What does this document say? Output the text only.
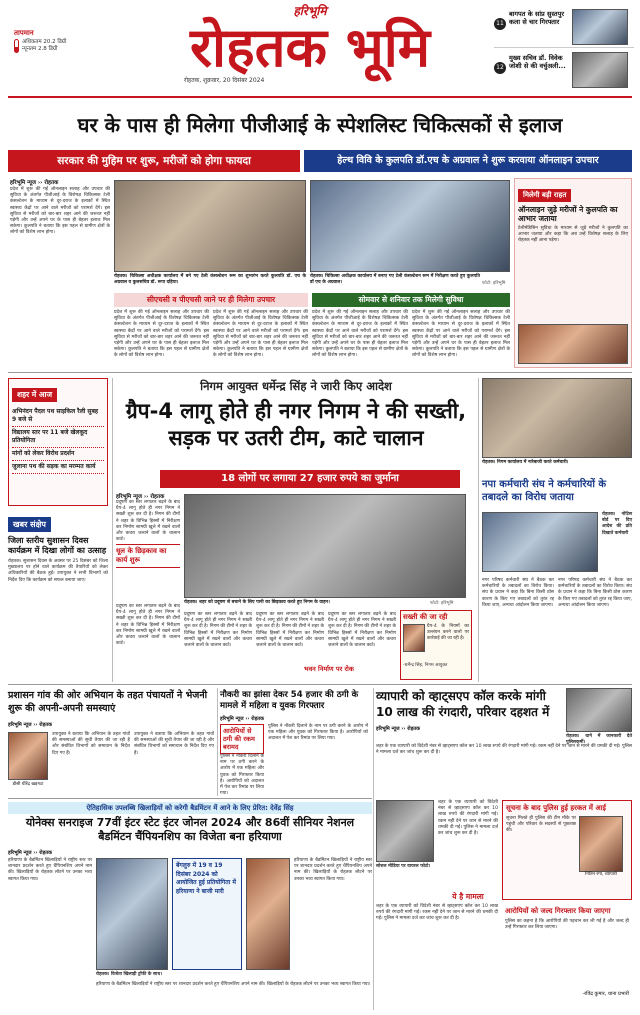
तापमान
अधिकतम 20.2 डिग्री
न्यूनतम 2.8 डिग्री
हरिभूमि
रोहतक भूमि
रोहतक, शुक्रवार, 20 दिसंबर 2024
11
बागपत के सांप्र सुस्तपुर कला से चार गिरफ्तार
12
मुख्य सचिव डॉ. विवेक जोशी से की वर्चुअली...
घर के पास ही मिलेगा पीजीआई के स्पेशलिस्ट चिकित्सकों से इलाज
सरकार की मुहिम पर शुरू, मरीजों को होगा फायदा	हेल्थ विवि के कुलपति डॉ.एच के अग्रवाल ने शुरू करवाया ऑनलाइन उपचार
हरिभूमि न्यूज ›› रोहतक
प्रदेश में शुरू की गई ऑनलाइन सलाह और उपचार की सुविधा के अंतर्गत पीजीआई के विशेषज्ञ चिकित्सक टेली कंसल्टेशन के माध्यम से दूर-दराज के इलाकों में स्थित स्वास्थ्य केंद्रों पर आने वाले मरीजों को परामर्श देंगे। इस सुविधा से मरीजों को बार-बार शहर आने की जरूरत नहीं पड़ेगी और उन्हें अपने घर के पास ही बेहतर इलाज मिल सकेगा। कुलपति ने बताया कि इस पहल से ग्रामीण क्षेत्रों के लोगों को विशेष लाभ होगा।
रोहतक। चिकित्सा अधीक्षक कार्यालय में बने गए टेली कंसल्टेशन रूम का शुभारंभ करते कुलपति डॉ. एच के अग्रवाल व कुलसचिव डॉ. रूपा दहिया।
रोहतक। चिकित्सा अधीक्षक कार्यालय में बनाए गए टेली कंसल्टेशन रूम में निरीक्षण करते हुए कुलपति डॉ एच के अग्रवाल।	फोटो: हरिभूमि
सीएचसी व पीएचसी जाने पर ही मिलेगा उपचार	सोमवार से शनिवार तक मिलेगी सुविधा
प्रदेश में शुरू की गई ऑनलाइन सलाह और उपचार की सुविधा के अंतर्गत पीजीआई के विशेषज्ञ चिकित्सक टेली कंसल्टेशन के माध्यम से दूर-दराज के इलाकों में स्थित स्वास्थ्य केंद्रों पर आने वाले मरीजों को परामर्श देंगे। इस सुविधा से मरीजों को बार-बार शहर आने की जरूरत नहीं पड़ेगी और उन्हें अपने घर के पास ही बेहतर इलाज मिल सकेगा। कुलपति ने बताया कि इस पहल से ग्रामीण क्षेत्रों के लोगों को विशेष लाभ होगा।
प्रदेश में शुरू की गई ऑनलाइन सलाह और उपचार की सुविधा के अंतर्गत पीजीआई के विशेषज्ञ चिकित्सक टेली कंसल्टेशन के माध्यम से दूर-दराज के इलाकों में स्थित स्वास्थ्य केंद्रों पर आने वाले मरीजों को परामर्श देंगे। इस सुविधा से मरीजों को बार-बार शहर आने की जरूरत नहीं पड़ेगी और उन्हें अपने घर के पास ही बेहतर इलाज मिल सकेगा। कुलपति ने बताया कि इस पहल से ग्रामीण क्षेत्रों के लोगों को विशेष लाभ होगा।
प्रदेश में शुरू की गई ऑनलाइन सलाह और उपचार की सुविधा के अंतर्गत पीजीआई के विशेषज्ञ चिकित्सक टेली कंसल्टेशन के माध्यम से दूर-दराज के इलाकों में स्थित स्वास्थ्य केंद्रों पर आने वाले मरीजों को परामर्श देंगे। इस सुविधा से मरीजों को बार-बार शहर आने की जरूरत नहीं पड़ेगी और उन्हें अपने घर के पास ही बेहतर इलाज मिल सकेगा। कुलपति ने बताया कि इस पहल से ग्रामीण क्षेत्रों के लोगों को विशेष लाभ होगा।
प्रदेश में शुरू की गई ऑनलाइन सलाह और उपचार की सुविधा के अंतर्गत पीजीआई के विशेषज्ञ चिकित्सक टेली कंसल्टेशन के माध्यम से दूर-दराज के इलाकों में स्थित स्वास्थ्य केंद्रों पर आने वाले मरीजों को परामर्श देंगे। इस सुविधा से मरीजों को बार-बार शहर आने की जरूरत नहीं पड़ेगी और उन्हें अपने घर के पास ही बेहतर इलाज मिल सकेगा। कुलपति ने बताया कि इस पहल से ग्रामीण क्षेत्रों के लोगों को विशेष लाभ होगा।
मिलेगी बड़ी राहत
ऑनलाइन जुड़े मरीजों ने कुलपति का आभार जताया
टेलीमेडिसिन सुविधा के माध्यम से जुड़े मरीजों ने कुलपति का आभार जताया और कहा कि अब उन्हें विशेषज्ञ सलाह के लिए रोहतक नहीं आना पड़ेगा।
शहर में आज
अभिनंदन पैदल पथ साइकिल रैली सुबह 9 बजे से
विद्यालय स्तर पर 11 बजे खेलकूद प्रतियोगिता
मांगों को लेकर विरोध प्रदर्शन
जुलाना पथ की सड़क का मरम्मत कार्य
खबर संक्षेप
जिला स्तरीय सुशासन दिवस कार्यक्रम में दिखा लोगों का उत्साह
रोहतक। सुशासन दिवस के अवसर पर 25 दिसंबर को जिला मुख्यालय पर होने वाले कार्यक्रम की तैयारियों को लेकर अधिकारियों की बैठक हुई। उपायुक्त ने सभी विभागों को निर्देश दिए कि कार्यक्रम को सफल बनाया जाए।
निगम आयुक्त धर्मेन्द्र सिंह ने जारी किए आदेश
ग्रैप-4 लागू होते ही नगर निगम ने की सख्ती, सड़क पर उतरी टीम, काटे चालान
18 लोगों पर लगाया 27 हजार रुपये का जुर्माना
हरिभूमि न्यूज ›› रोहतक
प्रदूषण का स्तर लगातार बढ़ने के बाद ग्रैप-4 लागू होते ही नगर निगम ने सख्ती शुरू कर दी है। निगम की टीमों ने शहर के विभिन्न हिस्सों में निरीक्षण कर निर्माण सामग्री खुले में रखने वालों और कचरा जलाने वालों के चालान काटे।
धूल के छिड़काव का कार्य शुरू
रोहतक। शहर को प्रदूषण से बचाने के लिए पानी का छिड़काव करते हुए निगम के वाहन।	फोटो: हरिभूमि
प्रदूषण का स्तर लगातार बढ़ने के बाद ग्रैप-4 लागू होते ही नगर निगम ने सख्ती शुरू कर दी है। निगम की टीमों ने शहर के विभिन्न हिस्सों में निरीक्षण कर निर्माण सामग्री खुले में रखने वालों और कचरा जलाने वालों के चालान काटे।
प्रदूषण का स्तर लगातार बढ़ने के बाद ग्रैप-4 लागू होते ही नगर निगम ने सख्ती शुरू कर दी है। निगम की टीमों ने शहर के विभिन्न हिस्सों में निरीक्षण कर निर्माण सामग्री खुले में रखने वालों और कचरा जलाने वालों के चालान काटे।
प्रदूषण का स्तर लगातार बढ़ने के बाद ग्रैप-4 लागू होते ही नगर निगम ने सख्ती शुरू कर दी है। निगम की टीमों ने शहर के विभिन्न हिस्सों में निरीक्षण कर निर्माण सामग्री खुले में रखने वालों और कचरा जलाने वालों के चालान काटे।
भवन निर्माण पर रोक
प्रदूषण का स्तर लगातार बढ़ने के बाद ग्रैप-4 लागू होते ही नगर निगम ने सख्ती शुरू कर दी है। निगम की टीमों ने शहर के विभिन्न हिस्सों में निरीक्षण कर निर्माण सामग्री खुले में रखने वालों और कचरा जलाने वालों के चालान काटे।
सख्ती की जा रही
ग्रैप-4 के नियमों का उल्लंघन करने वालों पर कार्रवाई की जा रही है।
-धर्मेन्द्र सिंह, निगम आयुक्त
रोहतक। निगम कार्यालय में नारेबाजी करते कर्मचारी।
नपा कर्मचारी संघ ने कर्मचारियों के तबादले का विरोध जताया
रोहतक। नोटिस बोर्ड पर दिए आदेश की प्रति दिखाते कर्मचारी
नगर परिषद कर्मचारी संघ ने बैठक कर कर्मचारियों के तबादलों का विरोध किया। संघ के प्रधान ने कहा कि बिना किसी ठोस कारण के किए गए तबादलों को तुरंत रद्द किया जाए, अन्यथा आंदोलन किया जाएगा।
नगर परिषद कर्मचारी संघ ने बैठक कर कर्मचारियों के तबादलों का विरोध किया। संघ के प्रधान ने कहा कि बिना किसी ठोस कारण के किए गए तबादलों को तुरंत रद्द किया जाए, अन्यथा आंदोलन किया जाएगा।
प्रशासन गांव की ओर अभियान के तहत पंचायतों ने भेजनी शुरू की अपनी-अपनी समस्याएं
हरिभूमि न्यूज ›› रोहतक
डीसी धीरेंद्र खड़गटा
उपायुक्त ने बताया कि अभियान के तहत गांवों की समस्याओं की सूची तैयार की जा रही है और संबंधित विभागों को समाधान के निर्देश दिए गए हैं।
उपायुक्त ने बताया कि अभियान के तहत गांवों की समस्याओं की सूची तैयार की जा रही है और संबंधित विभागों को समाधान के निर्देश दिए गए हैं।
नौकरी का झांसा देकर 54 हजार की ठगी के मामले में महिला व युवक गिरफ्तार
हरिभूमि न्यूज ›› रोहतक
आरोपियों से ठगी की रकम बरामद
पुलिस ने नौकरी दिलाने के नाम पर ठगी करने के आरोप में एक महिला और युवक को गिरफ्तार किया है। आरोपियों को अदालत में पेश कर रिमांड पर लिया गया।
पुलिस ने नौकरी दिलाने के नाम पर ठगी करने के आरोप में एक महिला और युवक को गिरफ्तार किया है। आरोपियों को अदालत में पेश कर रिमांड पर लिया गया।
व्यापारी को व्हाट्सएप कॉल करके मांगी 10 लाख की रंगदारी, परिवार दहशत में
हरिभूमि न्यूज ›› रोहतक
रोहतक। थाने में जानकारी देते पुलिसकर्मी।
शहर के एक व्यापारी को विदेशी नंबर से व्हाट्सएप कॉल कर 10 लाख रुपये की रंगदारी मांगी गई। रकम नहीं देने पर जान से मारने की धमकी दी गई। पुलिस ने मामला दर्ज कर जांच शुरू कर दी है।
ऐतिहासिक उपलब्धि खिलाड़ियों को करेगी बैडमिंटन में आने के लिए प्रेरित: देवेंद्र सिंह
योनेक्स सनराइज 77वीं इंटर स्टेट इंटर जोनल 2024 और 86वीं सीनियर नेशनल बैडमिंटन चैंपियनशिप का विजेता बना हरियाणा
हरिभूमि न्यूज ›› रोहतक
हरियाणा के बैडमिंटन खिलाड़ियों ने राष्ट्रीय स्तर पर शानदार प्रदर्शन करते हुए चैंपियनशिप अपने नाम की। खिलाड़ियों के रोहतक लौटने पर उनका भव्य स्वागत किया गया।
बेंगलुरु में 19 व 19 दिसंबर 2024 को आयोजित हुई प्रतियोगिता में हरियाणा ने बाजी मारी
हरियाणा के बैडमिंटन खिलाड़ियों ने राष्ट्रीय स्तर पर शानदार प्रदर्शन करते हुए चैंपियनशिप अपने नाम की। खिलाड़ियों के रोहतक लौटने पर उनका भव्य स्वागत किया गया।
रोहतक। विजेता खिलाड़ी ट्रॉफी के साथ।
हरियाणा के बैडमिंटन खिलाड़ियों ने राष्ट्रीय स्तर पर शानदार प्रदर्शन करते हुए चैंपियनशिप अपने नाम की। खिलाड़ियों के रोहतक लौटने पर उनका भव्य स्वागत किया गया।
सोशल मीडिया पर वायरल फोटो।
शहर के एक व्यापारी को विदेशी नंबर से व्हाट्सएप कॉल कर 10 लाख रुपये की रंगदारी मांगी गई। रकम नहीं देने पर जान से मारने की धमकी दी गई। पुलिस ने मामला दर्ज कर जांच शुरू कर दी है।
ये है मामला
शहर के एक व्यापारी को विदेशी नंबर से व्हाट्सएप कॉल कर 10 लाख रुपये की रंगदारी मांगी गई। रकम नहीं देने पर जान से मारने की धमकी दी गई। पुलिस ने मामला दर्ज कर जांच शुरू कर दी है।
सूचना के बाद पुलिस हुई हरकत में आई
सूचना मिलते ही पुलिस की टीम मौके पर पहुंची और परिवार के सदस्यों से पूछताछ की।
नितिन रंगा, व्यापारी
आरोपियों को जल्द गिरफ्तार किया जाएगा
पुलिस का कहना है कि आरोपियों की पहचान कर ली गई है और जल्द ही उन्हें गिरफ्तार कर लिया जाएगा।
-रविंद्र कुमार, थाना प्रभारी
